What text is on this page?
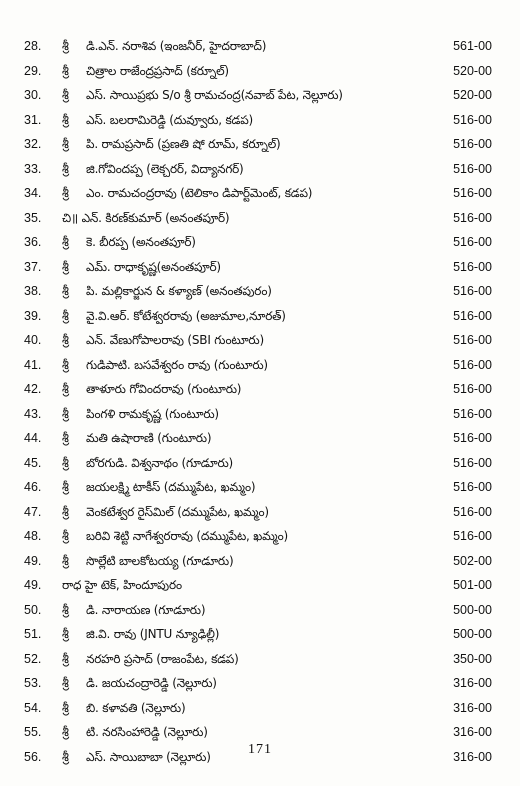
28.	శ్రీ డి.ఎన్. నరాశివ (ఇంజనీర్, హైదరాబాద్)	561-00
29.	శ్రీ చిత్రాల రాజేంద్రప్రసాద్ (కర్నూల్)	520-00
30.	శ్రీ ఎస్. సాయిప్రభు S/o శ్రీ రామచంద్ర(నవాబ్ పేట, నెల్లూరు)	520-00
31.	శ్రీ ఎస్. బలరామిరెడ్డి (దువ్వూరు, కడప)	516-00
32.	శ్రీ పి. రామప్రసాద్ (ప్రణతి షో రూమ్, కర్నూల్)	516-00
33.	శ్రీ జి.గోవిందప్ప (లెక్చరర్, విద్యానగర్)	516-00
34.	శ్రీ ఎం. రామచంద్రరావు (టెలికాం డిపార్ట్‌మెంట్, కడప)	516-00
35.	చి॥ ఎన్. కిరణ్‌కుమార్ (అనంతపూర్)	516-00
36.	శ్రీ కె. బీరప్ప (అనంతపూర్)	516-00
37.	శ్రీ ఎమ్. రాధాకృష్ణ(అనంతపూర్)	516-00
38.	శ్రీ పి. మల్లికార్జున & కళ్యాణ్ (అనంతపురం)	516-00
39.	శ్రీ వై.వి.ఆర్. కోటేశ్వరరావు (అజుమాల,నూరత్)	516-00
40.	శ్రీ ఎన్. వేణుగోపాలరావు (SBI గుంటూరు)	516-00
41.	శ్రీ గుడిపాటి. బసవేశ్వరం రావు (గుంటూరు)	516-00
42.	శ్రీ తాళూరు గోవిందరావు (గుంటూరు)	516-00
43.	శ్రీ పింగళి రామకృష్ణ (గుంటూరు)	516-00
44.	శ్రీ మతి ఉషారాణి (గుంటూరు)	516-00
45.	శ్రీ బోరగుడి. విశ్వనాథం (గూడూరు)	516-00
46.	శ్రీ జయలక్ష్మి టాకీస్ (దమ్ముపేట, ఖమ్మం)	516-00
47.	శ్రీ వెంకటేశ్వర రైస్‌మిల్ (దమ్ముపేట, ఖమ్మం)	516-00
48.	శ్రీ బరివి శెట్టి నాగేశ్వరరావు (దమ్ముపేట, ఖమ్మం)	516-00
49.	శ్రీ సొల్లేటి బాలకోటయ్య (గూడూరు)	502-00
49.	రాధ హై టెక్, హిందూపురం	501-00
50.	శ్రీ డి. నారాయణ (గూడూరు)	500-00
51.	శ్రీ జి.వి. రావు (JNTU న్యూఢిల్లీ)	500-00
52.	శ్రీ నరహరి ప్రసాద్ (రాజంపేట, కడప)	350-00
53.	శ్రీ డి. జయచంద్రారెడ్డి (నెల్లూరు)	316-00
54.	శ్రీ బి. కళావతి (నెల్లూరు)	316-00
55.	శ్రీ టి. నరసింహారెడ్డి (నెల్లూరు)	316-00
56.	శ్రీ ఎస్. సాయిబాబా (నెల్లూరు)	316-00
171
